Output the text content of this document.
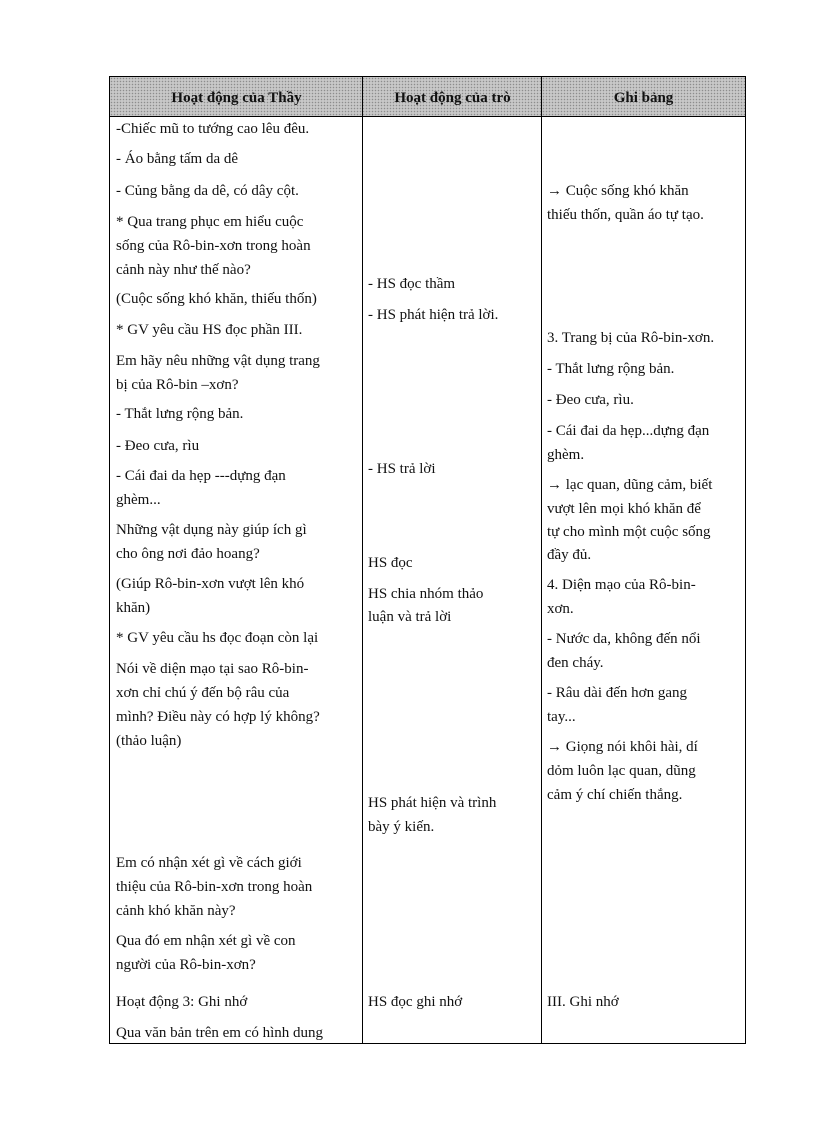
Hoạt động của Thầy	Hoạt động của trò	Ghi bảng
-Chiếc mũ to tướng cao lêu đêu.
- Áo bằng tấm da dê
- Củng bằng da dê, có dây cột.
* Qua trang phục em hiểu cuộc
sống của Rô-bin-xơn trong hoàn
cảnh này như thế nào?
(Cuộc sống khó khăn, thiếu thốn)
* GV yêu cầu HS đọc phần III.
Em hãy nêu những vật dụng trang
bị của Rô-bin –xơn?
- Thắt lưng rộng bản.
- Đeo cưa, rìu
- Cái đai da hẹp ---dựng đạn
ghèm...
Những vật dụng này giúp ích gì
cho ông nơi đảo hoang?
(Giúp Rô-bin-xơn vượt lên khó
khăn)
* GV yêu cầu hs đọc đoạn còn lại
Nói về diện mạo tại sao Rô-bin-
xơn chỉ chú ý đến bộ râu của
mình? Điều này có hợp lý không?
(thảo luận)
Em có nhận xét gì về cách giới
thiệu của Rô-bin-xơn trong hoàn
cảnh khó khăn này?
Qua đó em nhận xét gì về con
người của Rô-bin-xơn?
Hoạt động 3: Ghi nhớ
Qua văn bản trên em có hình dung
- HS đọc thầm
- HS phát hiện trả lời.
- HS trả lời
HS đọc
HS chia nhóm thảo
luận và trả lời
HS phát hiện và trình
bày ý kiến.
HS đọc ghi nhớ
→ Cuộc sống khó khăn
thiếu thốn, quần áo tự tạo.
3. Trang bị của Rô-bin-xơn.
- Thắt lưng rộng bản.
- Đeo cưa, rìu.
- Cái đai da hẹp...dựng đạn
ghèm.
→ lạc quan, dũng cảm, biết
vượt lên mọi khó khăn để
tự cho mình một cuộc sống
đầy đủ.
4. Diện mạo của Rô-bin-
xơn.
- Nước da, không đến nổi
đen cháy.
- Râu dài đến hơn gang
tay...
→ Giọng nói khôi hài, dí
dỏm luôn lạc quan, dũng
cảm ý chí chiến thắng.
III. Ghi nhớ
